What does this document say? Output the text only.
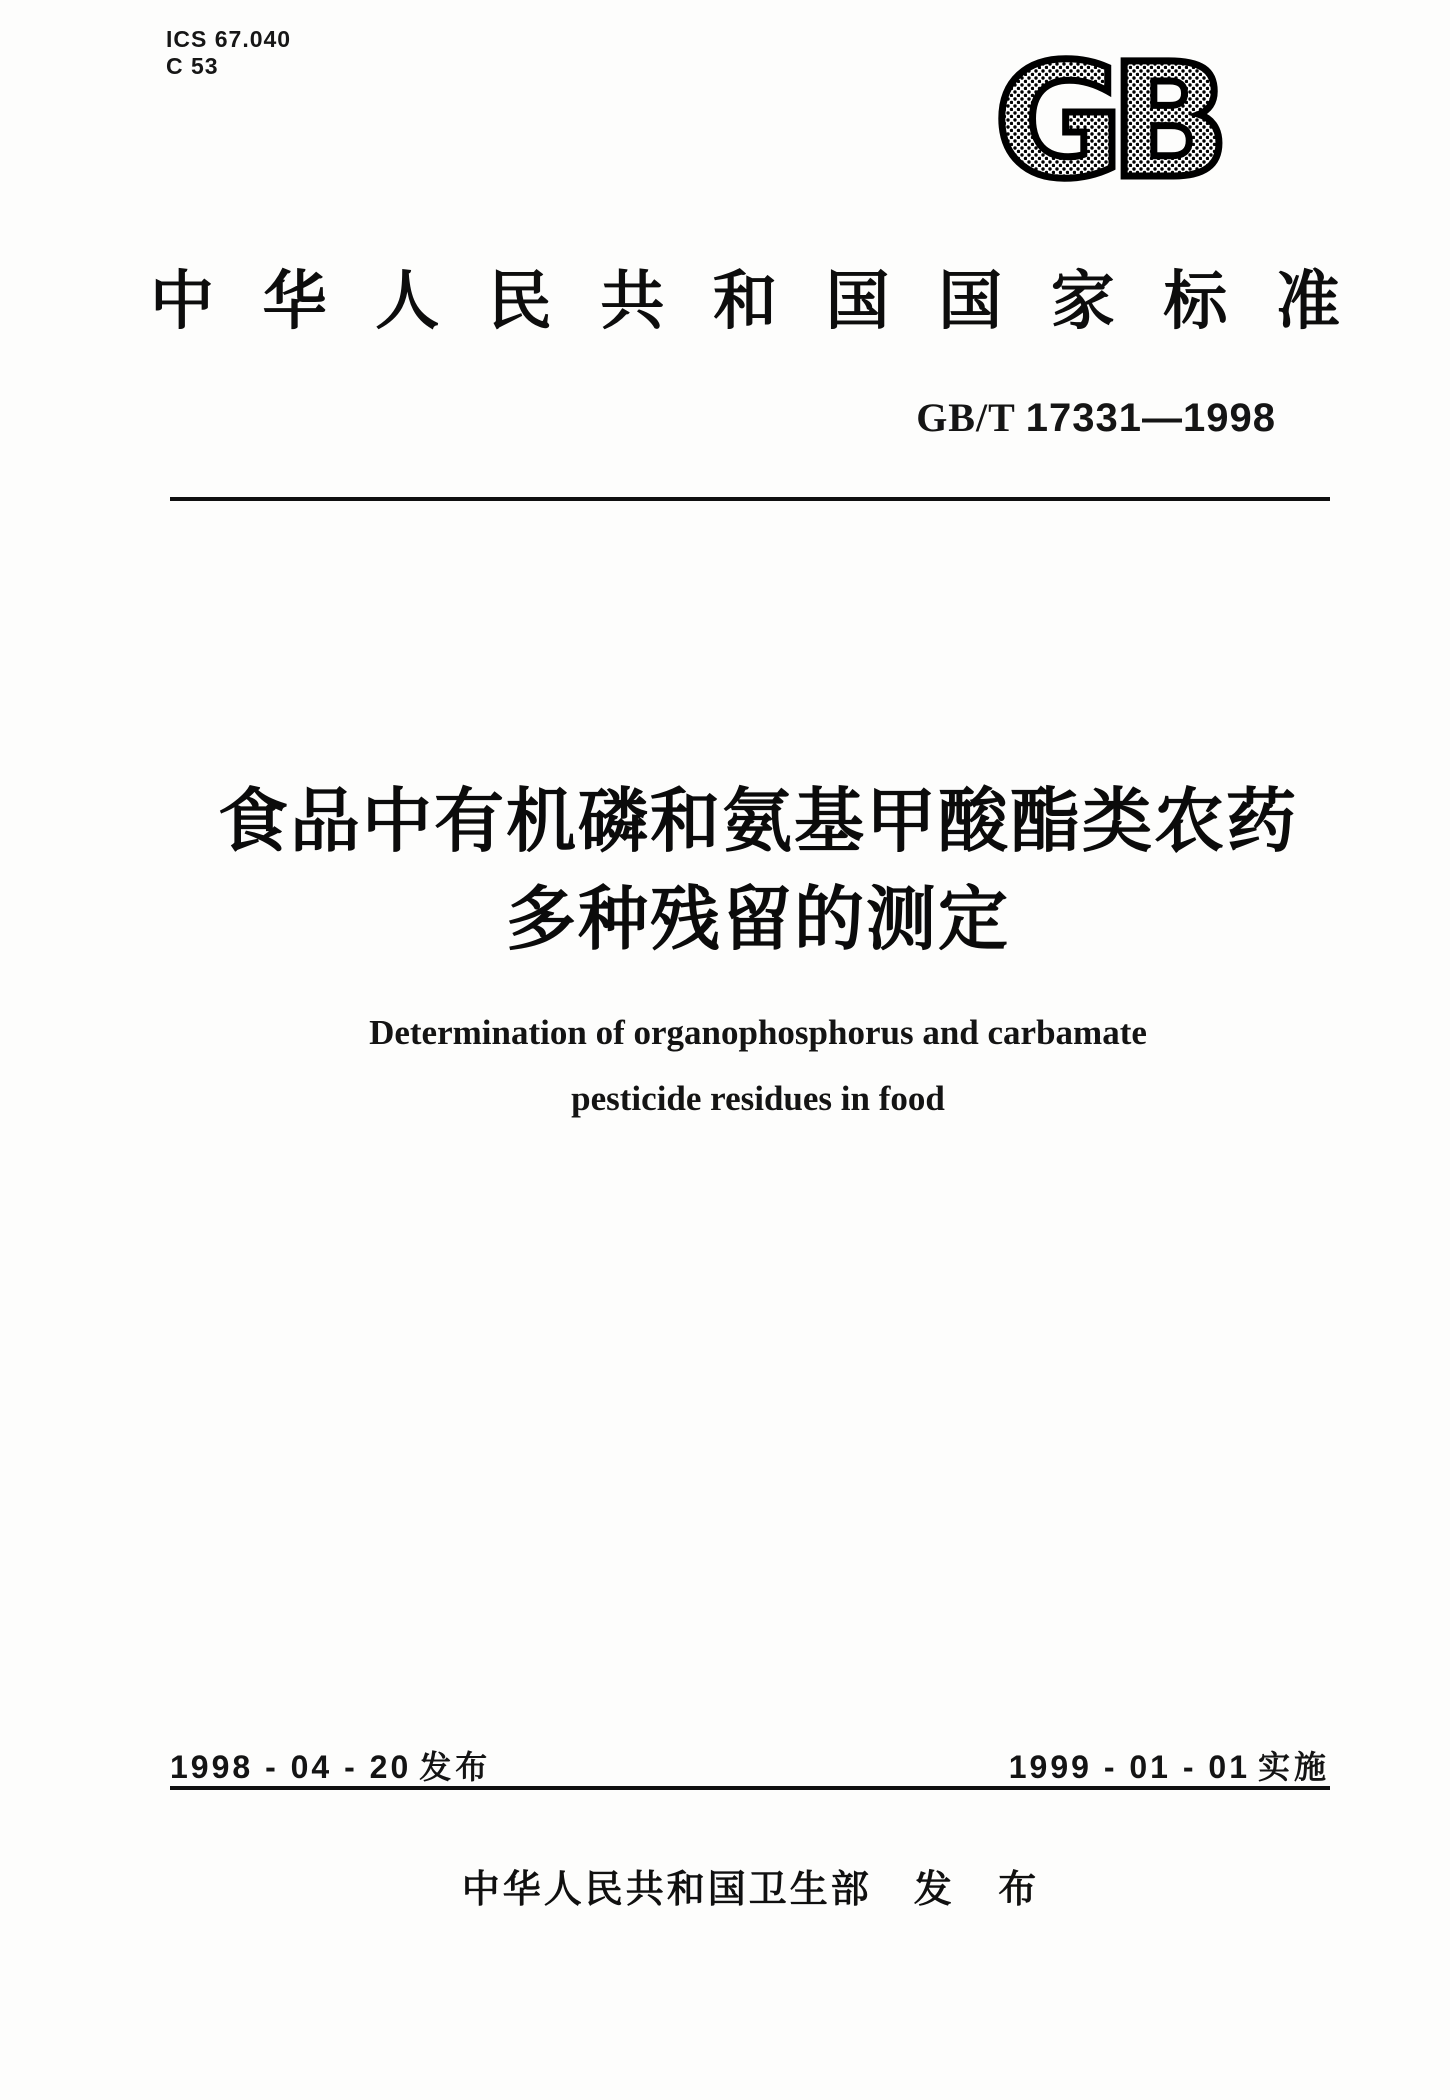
ICS 67.040
C 53	GB
中华人民共和国国家标准
GB/T 17331—1998
食品中有机磷和氨基甲酸酯类农药
多种残留的测定
Determination of organophosphorus and carbamate
pesticide residues in food
1998 - 04 - 20 发布	1999 - 01 - 01 实施
中华人民共和国卫生部 发 布
